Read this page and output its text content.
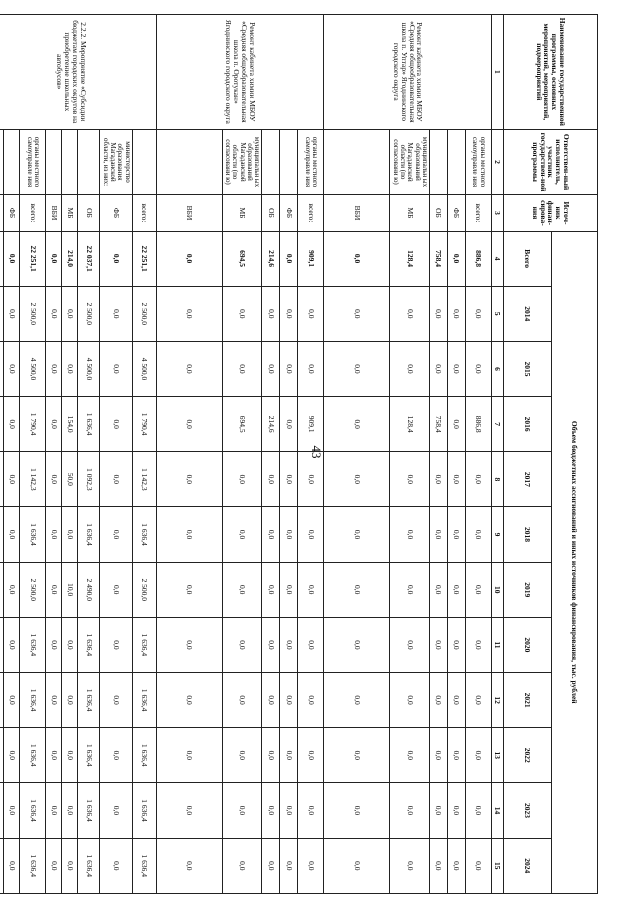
43
Наименование государственной программы, основных мероприятий, мероприятий, подмероприятий	Ответствен-ный исполнитель, участник государствен-ной программы	Источ-ник финан-сирова-ния	Объем бюджетных ассигнований и иных источников финансирования, тыс. рублей											
			Всего	2014	2015	2016	2017	2018	2019	2020	2021	2022	2023	2024
1	2	3	4	5	6	7	8	9	10	11	12	13	14	15
Ремонт кабинета химии МБОУ «Средняя общеобразовательная школа п. Уптар» Ягоднинского городского округа	органы местного самоуправле ния	всего:	886,8	0,0	0,0	886,8	0,0	0,0	0,0	0,0	0,0	0,0	0,0	0,0
		ФБ	0,0	0,0	0,0	0,0	0,0	0,0	0,0	0,0	0,0	0,0	0,0	0,0
		ОБ	758,4	0,0	0,0	758,4	0,0	0,0	0,0	0,0	0,0	0,0	0,0	0,0
	муниципальн ых образований Магаданской области (по согласовани ю)	МБ	128,4	0,0	0,0	128,4	0,0	0,0	0,0	0,0	0,0	0,0	0,0	0,0
		ВБИ	0,0	0,0	0,0	0,0	0,0	0,0	0,0	0,0	0,0	0,0	0,0	0,0
Ремонт кабинета химии МБОУ «Средняя общеобразовательная школа п. Оротукан» Ягоднинского городского округа	органы местного самоуправле ния	всего:	909,1	0,0	0,0	909,1	0,0	0,0	0,0	0,0	0,0	0,0	0,0	0,0
		ФБ	0,0	0,0	0,0	0,0	0,0	0,0	0,0	0,0	0,0	0,0	0,0	0,0
		ОБ	214,6	0,0	0,0	214,6	0,0	0,0	0,0	0,0	0,0	0,0	0,0	0,0
	муниципальн ых образований Магаданской области (по согласовани ю)	МБ	694,5	0,0	0,0	694,5	0,0	0,0	0,0	0,0	0,0	0,0	0,0	0,0
		ВБИ	0,0	0,0	0,0	0,0	0,0	0,0	0,0	0,0	0,0	0,0	0,0	0,0
2.2.2. Мероприятие «Субсидии бюджетам городских округов на приобретение школьных автобусов»		всего:	22 251,1	2 500,0	4 500,0	1 790,4	1 142,3	1 636,4	2 500,0	1 636,4	1 636,4	1 636,4	1 636,4	1 636,4
	министерство образования Магаданской области, из них:	ФБ	0,0	0,0	0,0	0,0	0,0	0,0	0,0	0,0	0,0	0,0	0,0	0,0
		ОБ	22 037,1	2 500,0	4 500,0	1 636,4	1 092,3	1 636,4	2 490,0	1 636,4	1 636,4	1 636,4	1 636,4	1 636,4
		МБ	214,0	0,0	0,0	154,0	50,0	0,0	10,0	0,0	0,0	0,0	0,0	0,0
		ВБИ	0,0	0,0	0,0	0,0	0,0	0,0	0,0	0,0	0,0	0,0	0,0	0,0
	органы местного самоуправле ния	всего:	22 251,1	2 500,0	4 500,0	1 790,4	1 142,3	1 636,4	2 500,0	1 636,4	1 636,4	1 636,4	1 636,4	1 636,4
		ФБ	0,0	0,0	0,0	0,0	0,0	0,0	0,0	0,0	0,0	0,0	0,0	0,0
